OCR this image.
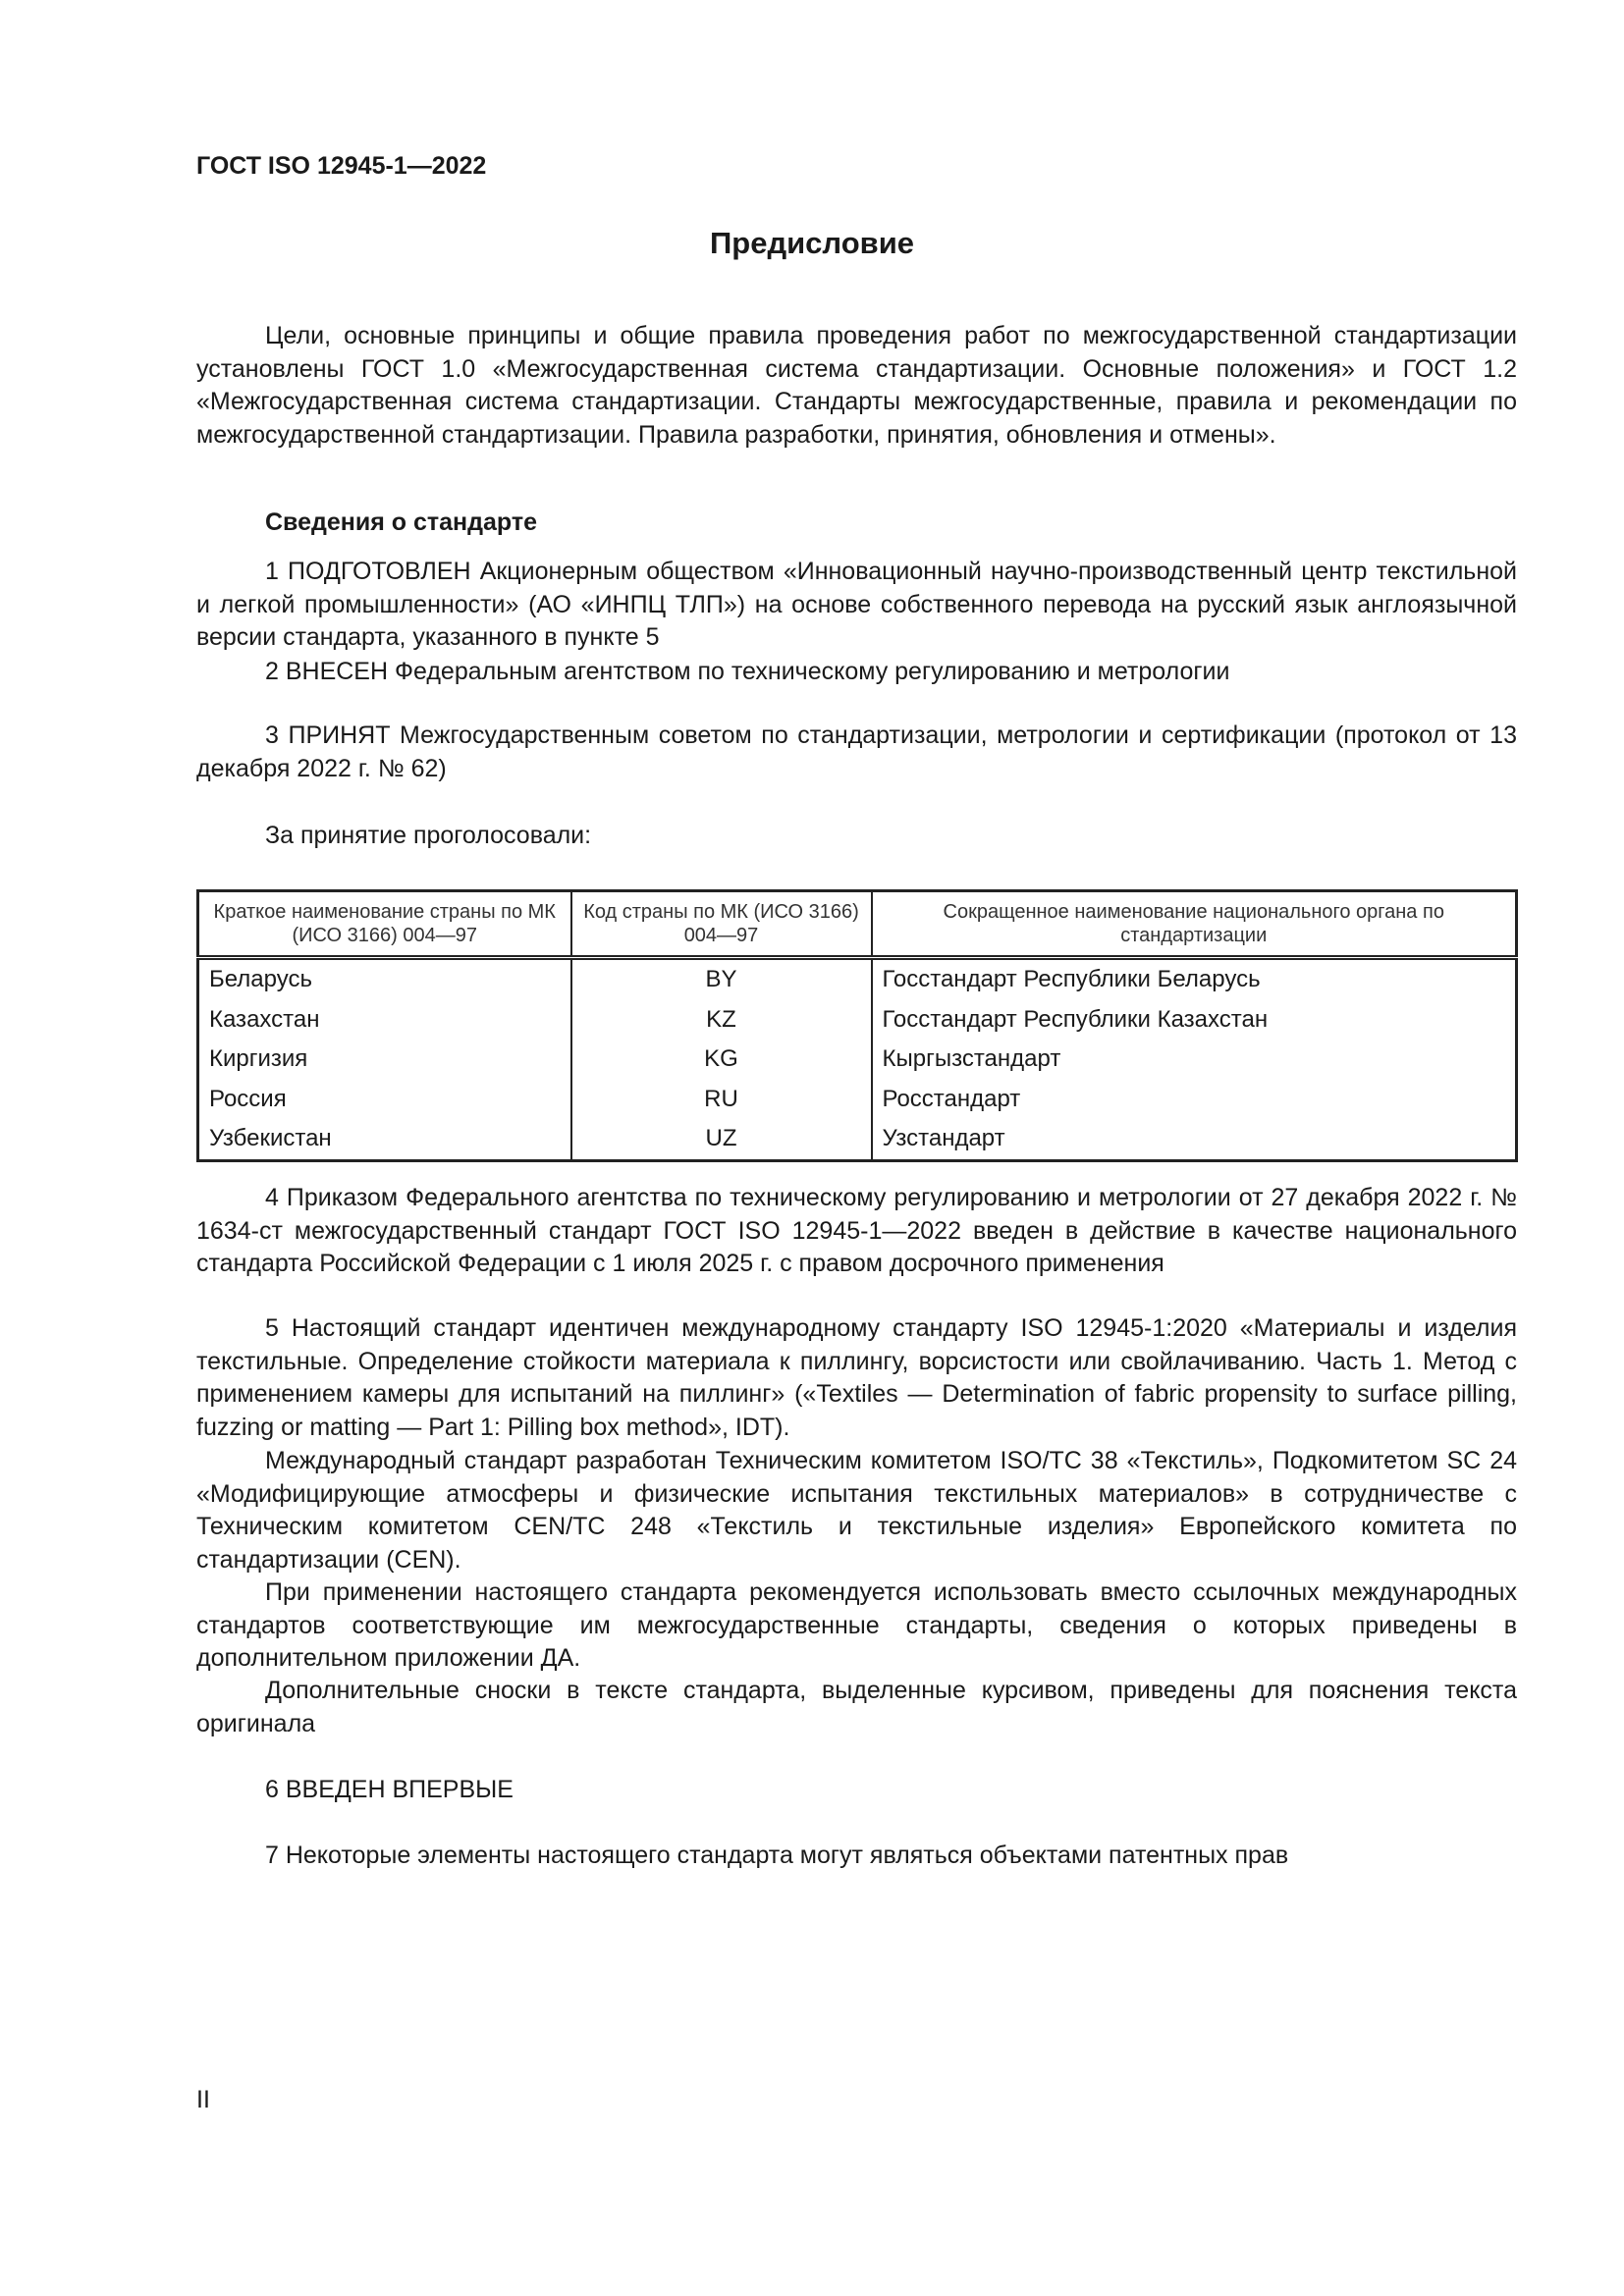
ГОСТ ISO 12945-1—2022
Предисловие

Цели, основные принципы и общие правила проведения работ по межгосударственной стандартизации установлены ГОСТ 1.0 «Межгосударственная система стандартизации. Основные положения» и ГОСТ 1.2 «Межгосударственная система стандартизации. Стандарты межгосударственные, правила и рекомендации по межгосударственной стандартизации. Правила разработки, принятия, обновления и отмены».

Сведения о стандарте

1 ПОДГОТОВЛЕН Акционерным обществом «Инновационный научно-производственный центр текстильной и легкой промышленности» (АО «ИНПЦ ТЛП») на основе собственного перевода на русский язык англоязычной версии стандарта, указанного в пункте 5

2 ВНЕСЕН Федеральным агентством по техническому регулированию и метрологии

3 ПРИНЯТ Межгосударственным советом по стандартизации, метрологии и сертификации (протокол от 13 декабря 2022 г. № 62)

За принятие проголосовали:

Краткое наименование страны по МК (ИСО 3166) 004—97	Код страны по МК (ИСО 3166) 004—97	Сокращенное наименование национального органа по стандартизации
Беларусь	BY	Госстандарт Республики Беларусь
Казахстан	KZ	Госстандарт Республики Казахстан
Киргизия	KG	Кыргызстандарт
Россия	RU	Росстандарт
Узбекистан	UZ	Узстандарт

4 Приказом Федерального агентства по техническому регулированию и метрологии от 27 декабря 2022 г. № 1634-ст межгосударственный стандарт ГОСТ ISO 12945-1—2022 введен в действие в качестве национального стандарта Российской Федерации с 1 июля 2025 г. с правом досрочного применения

5 Настоящий стандарт идентичен международному стандарту ISO 12945-1:2020 «Материалы и изделия текстильные. Определение стойкости материала к пиллингу, ворсистости или свойлачиванию. Часть 1. Метод с применением камеры для испытаний на пиллинг» («Textiles — Determination of fabric propensity to surface pilling, fuzzing or matting — Part 1: Pilling box method», IDT).

Международный стандарт разработан Техническим комитетом ISO/TC 38 «Текстиль», Подкомитетом SC 24 «Модифицирующие атмосферы и физические испытания текстильных материалов» в сотрудничестве с Техническим комитетом CEN/TC 248 «Текстиль и текстильные изделия» Европейского комитета по стандартизации (CEN).

При применении настоящего стандарта рекомендуется использовать вместо ссылочных международных стандартов соответствующие им межгосударственные стандарты, сведения о которых приведены в дополнительном приложении ДА.

Дополнительные сноски в тексте стандарта, выделенные курсивом, приведены для пояснения текста оригинала

6 ВВЕДЕН ВПЕРВЫЕ

7 Некоторые элементы настоящего стандарта могут являться объектами патентных прав

II
